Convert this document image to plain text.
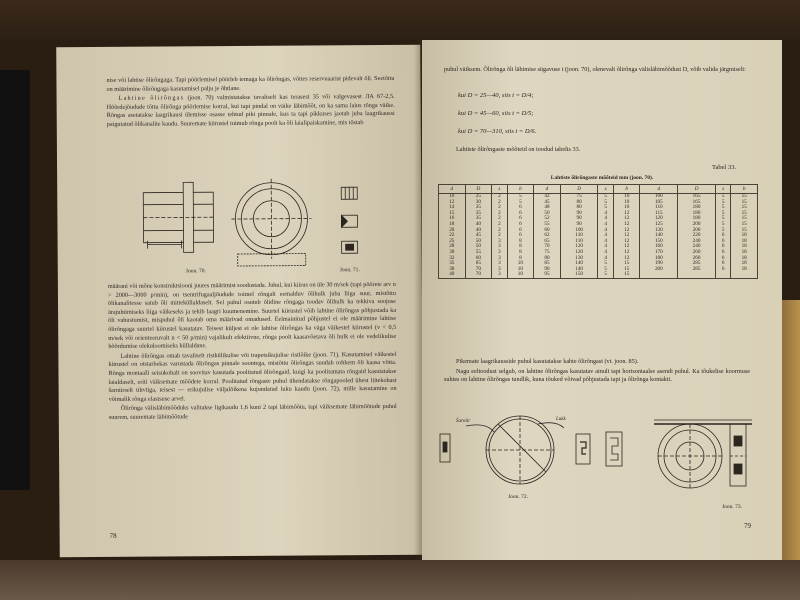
nise või lahtise õlirõngaga. Tapi pöörlemisel pöörleb temaga ka õlirõngas, võttes reservuaarist pidevalt õli. Seetõttu on määrimine õlirõngaga kasutamisel palju je õhtlane.

Lahtine õlirõngas (joon. 70) valmistatakse tavaliselt kas terasest 35 või valgevasest ЛА 67-2,5. Hõõrdejõudude tõttu õlirõnga pöörlemise korral, kui tapi pindal on väike läbimõõt, on ka sama laius rõnga väike. Rõngas asetatakse laagrikausi ülemisse osasse tehtud piki pinnale, kus ta tapi pikkuses jaotab juba laagrikaussi paigutatud õlikanalite kaudu. Suuremate kiirustel tuimub rõnga poolt ka õli laialipaiskamine, mis tõstab

Joon. 70.	Joon. 71.

määrani või mõne konstruktsiooni juures määrimist soodustada. Juhul, kui kiirus on üle 30 m/sek (tapi pöörete arv n > 2000—3000 p/min), on tsentrifugaaljõudude toimel rõngalt eemalduv õlihulk juba liiga suur, mistõttu õlikanalitesse satub õli mitteküllaldaselt. Sel puhul osutub õlidine rõngaga toodav õlihulk ka tekkiva soojuse ärajuhtimiseks liiga väikeseks ja tekib laagri kuumenemine. Suurtel kiirustel võib lahtine õlirõngas põhjustada ka õli vahustumist, mispuhul õli kaotab oma määrivad omadused. Eelmainitud põhjustel ei ole määrimine lahtise õlirõngaga suurtel kiirustel kasutatav. Teisest küljest ei ole lahtise õlirõngas ka väga väikestel kiirustel (v < 0,5 m/sek või orienteeruvalt n < 50 p/min) vajalikult efektiivne, rõnga poolt kaasavõetava õli hulk ei ole vedelikulise hõõrdumise olekuloomiseks küllaldane.

Lahtine õlirõngas omab tavaliselt ristkülikulise või trapetsikujulise ristlõike (joon. 71). Kasutamisel väikestel kiirustel on otstarbekas varustada õlirõngas pinnale soontega, mistõttu õlirõngas suudab rohkem õli kaasa võtta. Rõnga montaaži seisukohalt on soovitav kasutada poolitatud õlirõngaid, kuigi ka poolitamata rõngaid kasutatakse laialdaselt, eriti väiksemate mõõdete korral. Poolitatud rõngaste puhul ühendatakse rõngapooled ühest liitekohast šarniirselt tihvtiga, teisest — erikujulise väljalõikena kujundatud luku kaudu (joon. 72), mille kasutamine on võimalik rõnga elastsuse arvel.

Õlirõnga välisläbimõõduks valitakse ligikaudu 1,6 kuni 2 tapi läbimõõtu, tapi väiksemate läbimõõtude puhul suurem, suuremate läbimõõtude

78

puhul väiksem. Õlirõnga õli läbimise sügavuse t (joon. 70), olenevalt õlirõnga välisläbimõõdust D, võib valida järgmiselt:

kui D = 25—40, siis t = D/4;
kui D = 45—60, siis t = D/5;
kui D = 70—310, siis t = D/6.

Lahtiste õlirõngaste mõõteid on toodud tabelis 33.

Tabel 33.
Lahtiste õlirõngaste mõõteid mm (joon. 70).
d	D	s	b	d	D	s	b	d	D	s	b
10	25	2	5	42	75	5	10	100	165	5	15
12	30	2	5	45	80	5	10	105	165	5	15
14	35	2	6	48	80	5	10	110	180	5	15
15	35	2	6	50	90	4	12	115	180	5	15
16	35	2	6	52	90	4	12	120	180	5	15
18	40	2	6	55	90	4	12	125	200	5	15
20	40	2	6	60	100	4	12	130	200	5	15
22	45	2	6	62	110	4	12	140	220	6	18
25	50	3	8	65	110	4	12	150	240	6	18
28	50	3	8	70	120	4	12	160	240	6	18
30	55	3	8	75	120	4	12	170	260	6	18
32	60	3	8	80	130	4	12	180	260	6	18
35	65	3	10	85	140	5	15	190	285	6	18
38	70	3	10	90	140	5	15	200	285	6	18
40	70	3	10	95	150	5	15				

Pikemate laagrikausside puhul kasutatakse kahte õlirõngast (vt. joon. 85).

Nagu eeltoodust selgub, on lahtine õlirõngas kasutatav ainult tapi horisontaalse asendi puhul. Ka tõukelise koormuse suhtes on lahtine õlirõngas tundlik, kuna tõuked võivad põhjustada tapi ja õlirõnga kontakti.

Šarniir	Lukk
Joon. 72.
Joon. 73.
79
